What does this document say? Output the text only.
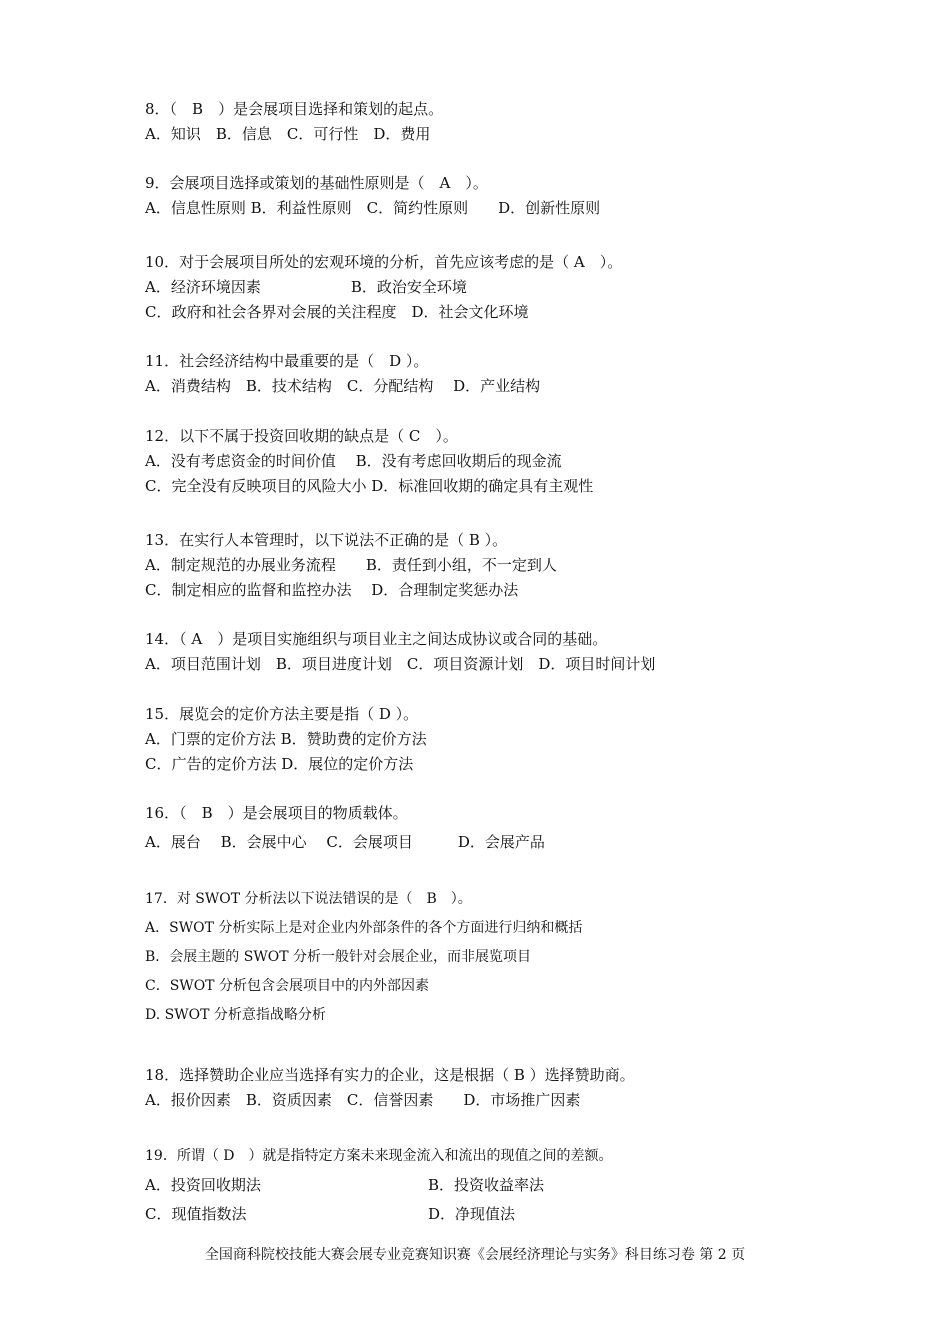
8．（　B　）是会展项目选择和策划的起点。
A．知识　B．信息　C．可行性　D．费用
9．会展项目选择或策划的基础性原则是（　A　）。
A．信息性原则 B．利益性原则　C．简约性原则　　D．创新性原则
10．对于会展项目所处的宏观环境的分析，首先应该考虑的是（ A　）。
A．经济环境因素　　　　　　B．政治安全环境
C．政府和社会各界对会展的关注程度　D．社会文化环境
11．社会经济结构中最重要的是（　D ）。
A．消费结构　B．技术结构　C．分配结构　 D．产业结构
12．以下不属于投资回收期的缺点是（ C　）。
A．没有考虑资金的时间价值　 B．没有考虑回收期后的现金流
C．完全没有反映项目的风险大小 D．标准回收期的确定具有主观性
13．在实行人本管理时，以下说法不正确的是（ B ）。
A．制定规范的办展业务流程　　B．责任到小组，不一定到人
C．制定相应的监督和监控办法　 D．合理制定奖惩办法
14．（ A　）是项目实施组织与项目业主之间达成协议或合同的基础。
A．项目范围计划　B．项目进度计划　C．项目资源计划　D．项目时间计划
15．展览会的定价方法主要是指（ D ）。
A．门票的定价方法 B．赞助费的定价方法
C．广告的定价方法 D．展位的定价方法
16．（　B　）是会展项目的物质载体。
A．展台　 B．会展中心　 C．会展项目　　　D．会展产品
17．对 SWOT 分析法以下说法错误的是（　B　）。
A．SWOT 分析实际上是对企业内外部条件的各个方面进行归纳和概括
B．会展主题的 SWOT 分析一般针对会展企业，而非展览项目
C．SWOT 分析包含会展项目中的内外部因素
D. SWOT 分析意指战略分析
18．选择赞助企业应当选择有实力的企业，这是根据（ B ）选择赞助商。
A．报价因素　B．资质因素　C．信誉因素　　D．市场推广因素
19．所谓（ D　）就是指特定方案未来现金流入和流出的现值之间的差额。
A．投资回收期法	B．投资收益率法
C．现值指数法	D．净现值法
全国商科院校技能大赛会展专业竞赛知识赛《会展经济理论与实务》科目练习卷 第 2 页
